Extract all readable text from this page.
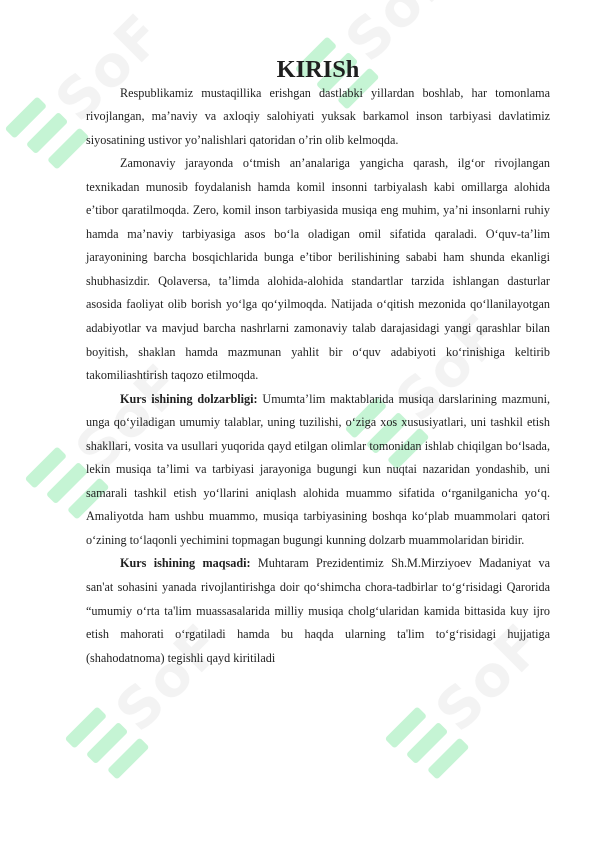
KIRISh

Respublikamiz mustaqillika erishgan dastlabki yillardan boshlab, har tomonlama rivojlangan, ma’naviy va axloqiy salohiyati yuksak barkamol inson tarbiyasi davlatimiz siyosatining ustivor yo’nalishlari qatoridan o’rin olib kelmoqda.

Zamonaviy jarayonda o‘tmish an’analariga yangicha qarash, ilg‘or rivojlangan texnikadan munosib foydalanish hamda komil insonni tarbiyalash kabi omillarga alohida e’tibor qaratilmoqda. Zero, komil inson tarbiyasida musiqa eng muhim, ya’ni insonlarni ruhiy hamda ma’naviy tarbiyasiga asos bo‘la oladigan omil sifatida qaraladi. O‘quv-ta’lim jarayonining barcha bosqichlarida bunga e’tibor berilishining sababi ham shunda ekanligi shubhasizdir. Qolaversa, ta’limda alohida-alohida standartlar tarzida ishlangan dasturlar asosida faoliyat olib borish yo‘lga qo‘yilmoqda. Natijada o‘qitish mezonida qo‘llanilayotgan adabiyotlar va mavjud barcha nashrlarni zamonaviy talab darajasidagi yangi qarashlar bilan boyitish, shaklan hamda mazmunan yahlit bir o‘quv adabiyoti ko‘rinishiga keltirib takomiliashtirish taqozo etilmoqda.

Kurs ishining dolzarbligi: Umumta’lim maktablarida musiqa darslarining mazmuni, unga qo‘yiladigan umumiy talablar, uning tuzilishi, o‘ziga xos xususiyatlari, uni tashkil etish shakllari, vosita va usullari yuqorida qayd etilgan olimlar tomonidan ishlab chiqilgan bo‘lsada, lekin musiqa ta’limi va tarbiyasi jarayoniga bugungi kun nuqtai nazaridan yondashib, uni samarali tashkil etish yo‘llarini aniqlash alohida muammo sifatida o‘rganilganicha yo‘q. Amaliyotda ham ushbu muammo, musiqa tarbiyasining boshqa ko‘plab muammolari qatori o‘zining to‘laqonli yechimini topmagan bugungi kunning dolzarb muammolaridan biridir.

Kurs ishining maqsadi: Muhtaram Prezidentimiz Sh.M.Mirziyoev Madaniyat va san'at sohasini yanada rivojlantirishga doir qo‘shimcha chora-tadbirlar to‘g‘risidagi Qarorida “umumiy o‘rta ta'lim muassasalarida milliy musiqa cholg‘ularidan kamida bittasida kuy ijro etish mahorati o‘rgatiladi hamda bu haqda ularning ta'lim to‘g‘risidagi hujjatiga (shahodatnoma) tegishli qayd kiritiladi
